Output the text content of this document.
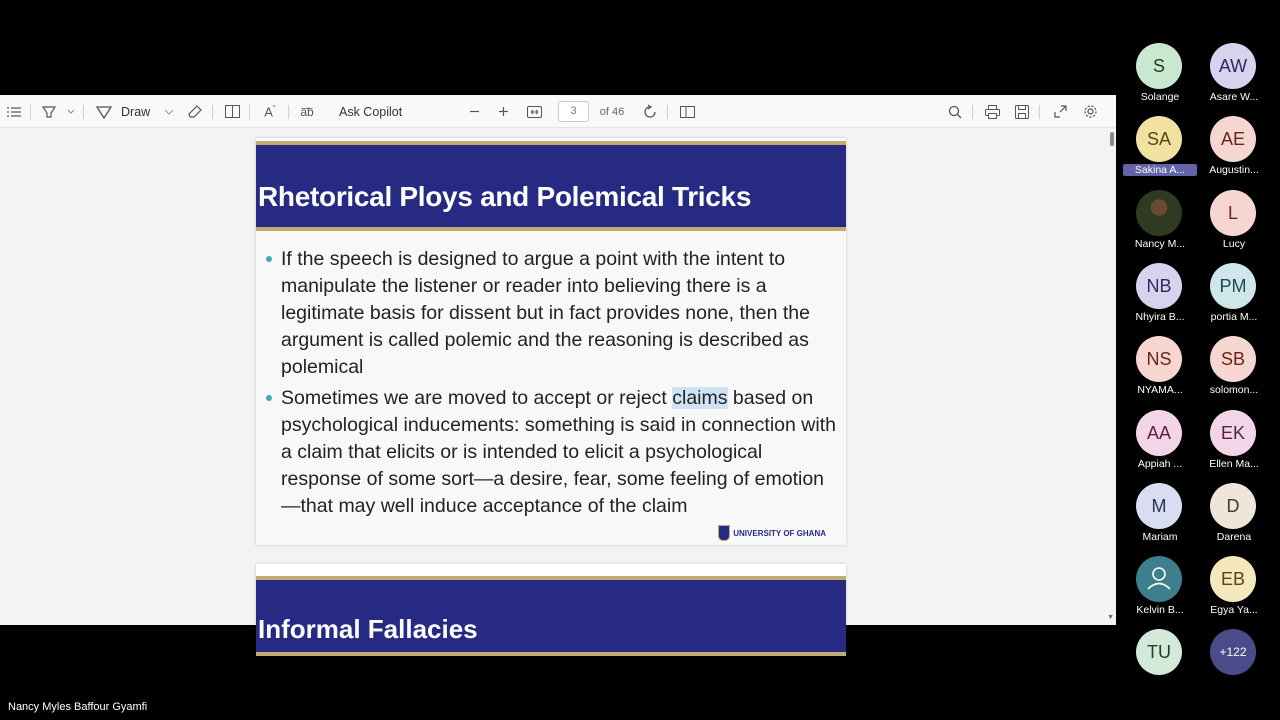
Draw	$A^ʺ$ a͞b Ask Copilot	3	of 46
Rhetorical Ploys and Polemical Tricks
If the speech is designed to argue a point with the intent to manipulate the listener or reader into believing there is a legitimate basis for dissent but in fact provides none, then the argument is called polemic and the reasoning is described as polemical
Sometimes we are moved to accept or reject claims based on psychological inducements: something is said in connection with a claim that elicits or is intended to elicit a psychological response of some sort—a desire, fear, some feeling of emotion—that may well induce acceptance of the claim
UNIVERSITY OF GHANA
Informal Fallacies	▼
S
Solange
AW
Asare W...
SA
Sakina A...
AE
Augustin...
Nancy M...
L
Lucy
NB
Nhyira B...
PM
portia M...
NS
NYAMA...
SB
solomon...
AA
Appiah ...
EK
Ellen Ma...
M
Mariam
D
Darena
Kelvin B...
EB
Egya Ya...
TU	+122
Nancy Myles Baffour Gyamfi
